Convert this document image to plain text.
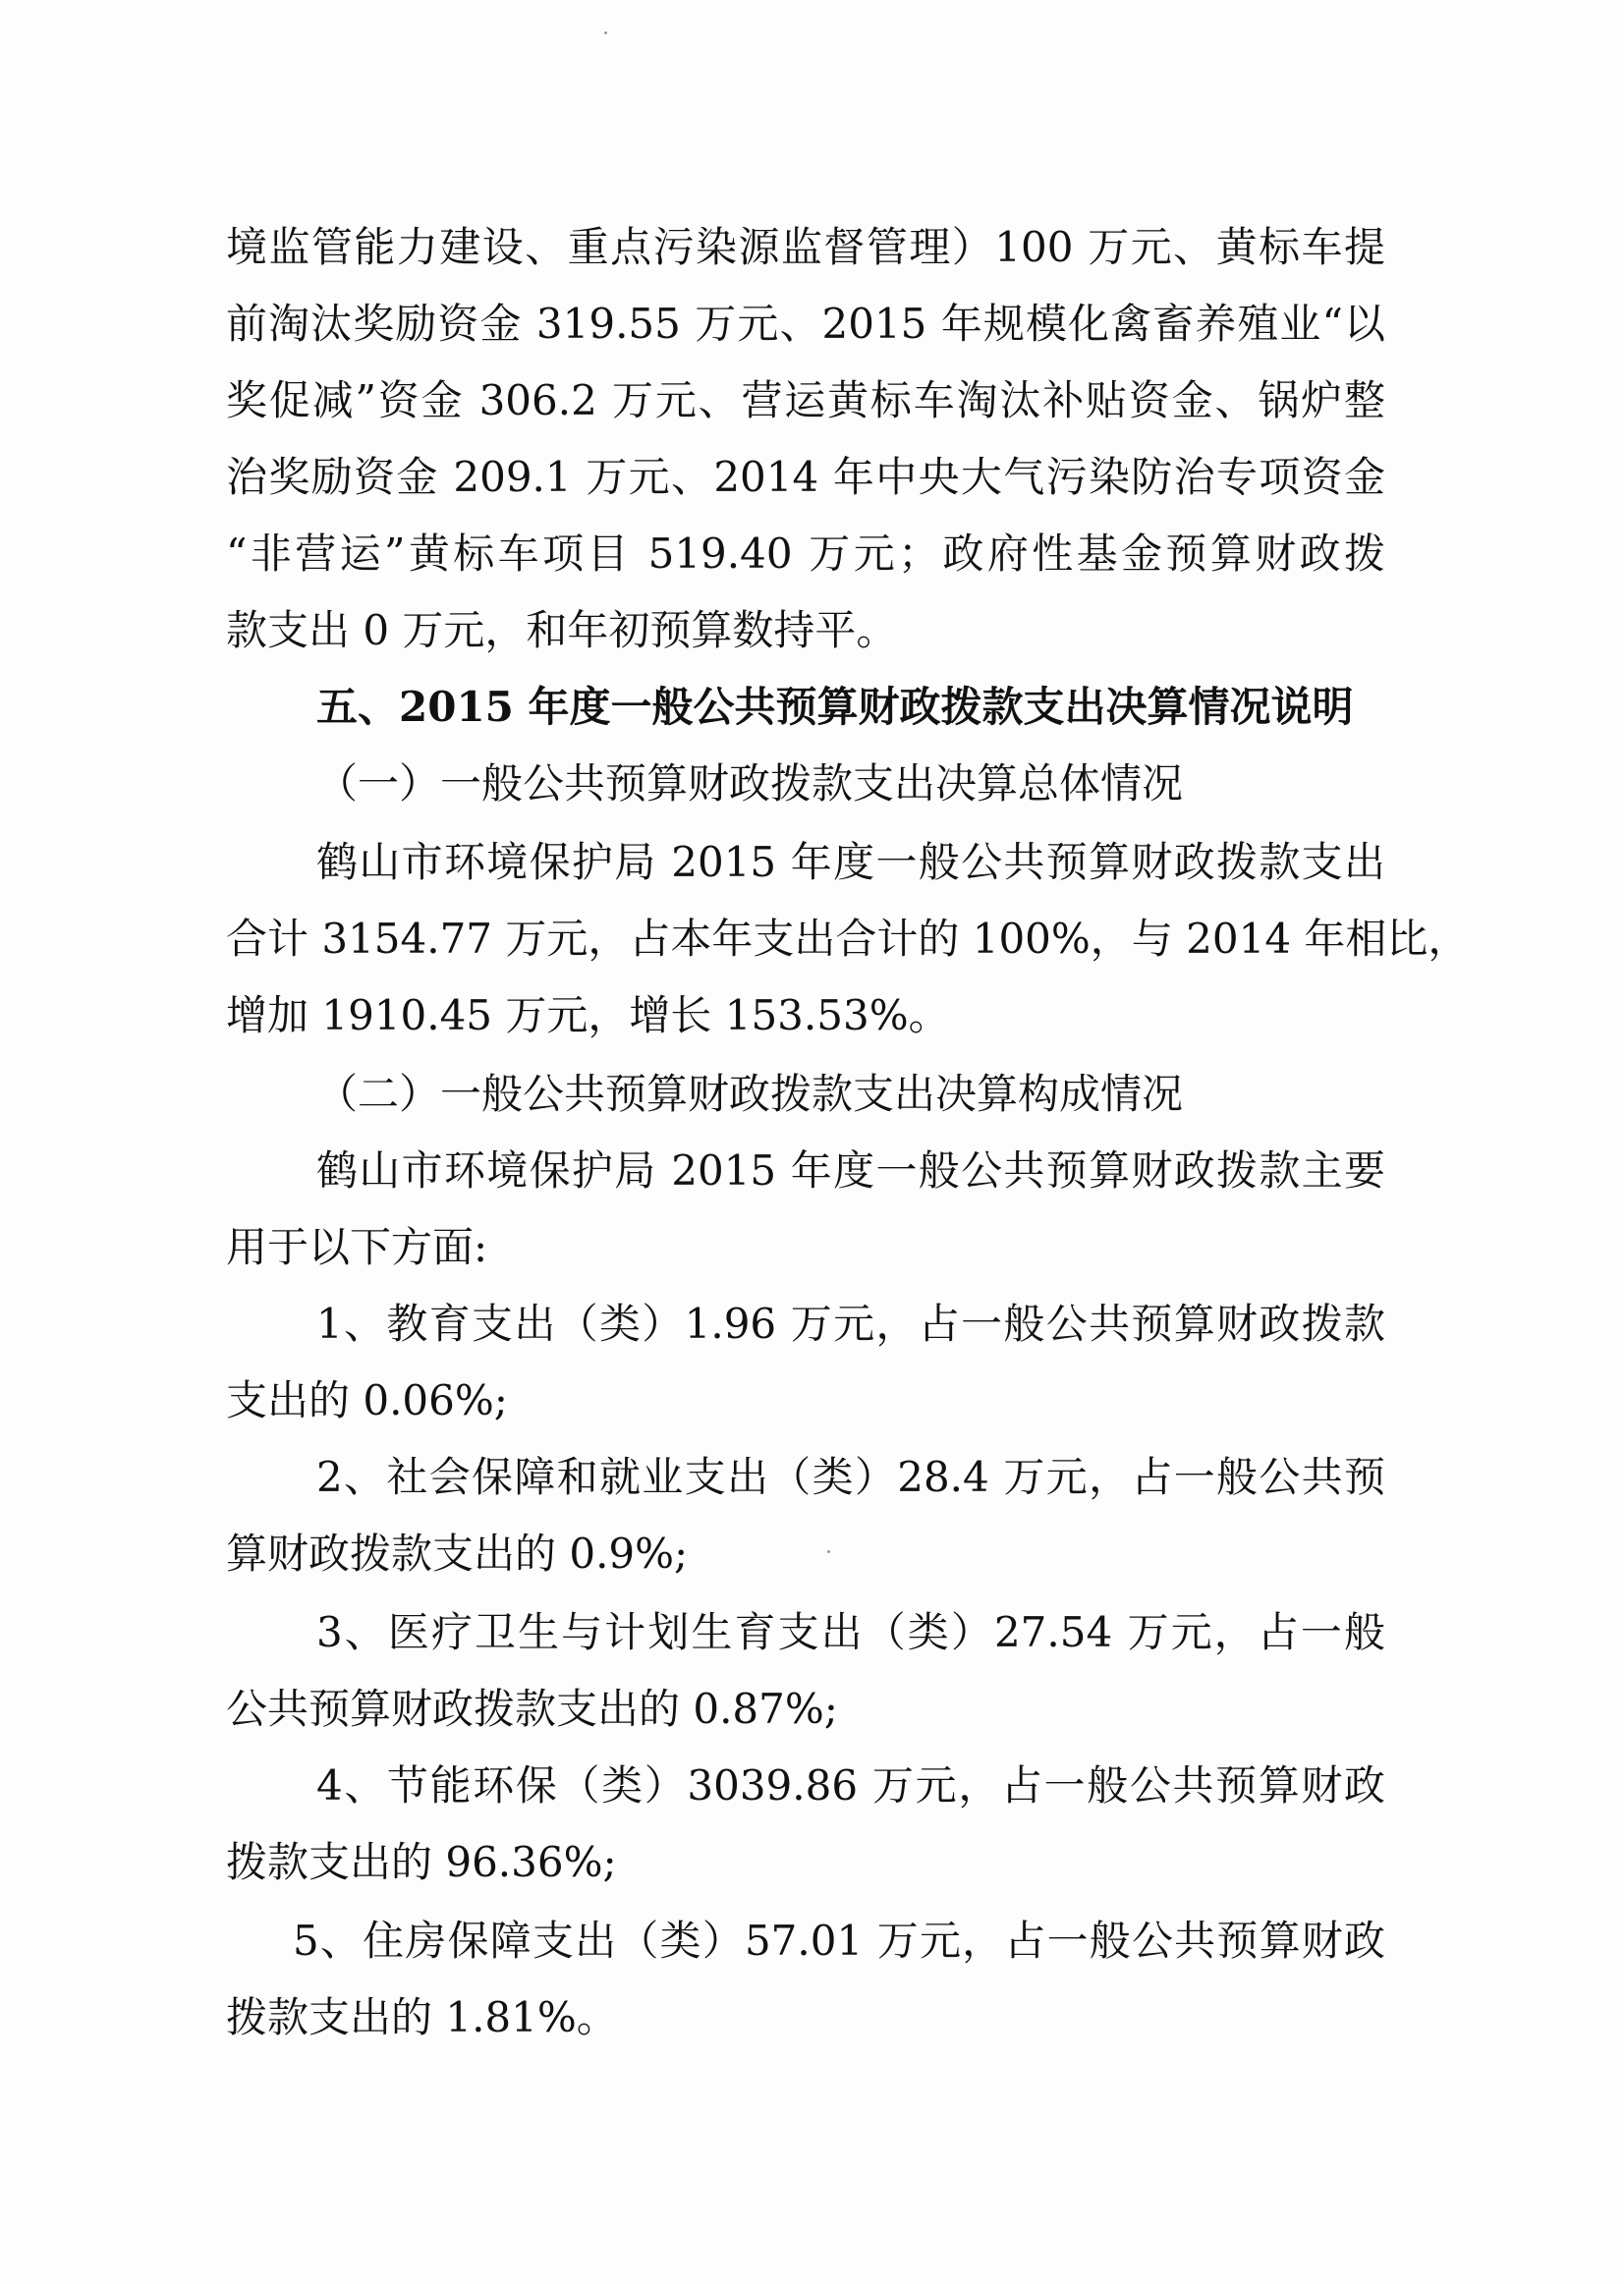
境监管能力建设、重点污染源监督管理）100 万元、黄标车提
前淘汰奖励资金 319.55 万元、2015 年规模化禽畜养殖业“以
奖促减”资金 306.2 万元、营运黄标车淘汰补贴资金、锅炉整
治奖励资金 209.1 万元、2014 年中央大气污染防治专项资金
“非营运”黄标车项目 519.40 万元；政府性基金预算财政拨
款支出 0 万元，和年初预算数持平。
五、2015 年度一般公共预算财政拨款支出决算情况说明
（一）一般公共预算财政拨款支出决算总体情况
鹤山市环境保护局 2015 年度一般公共预算财政拨款支出
合计 3154.77 万元，占本年支出合计的 100%，与 2014 年相比，
增加 1910.45 万元，增长 153.53%。
（二）一般公共预算财政拨款支出决算构成情况
鹤山市环境保护局 2015 年度一般公共预算财政拨款主要
用于以下方面:
1、教育支出（类）1.96 万元，占一般公共预算财政拨款
支出的 0.06%;
2、社会保障和就业支出（类）28.4 万元，占一般公共预
算财政拨款支出的 0.9%;
3、医疗卫生与计划生育支出（类）27.54 万元，占一般
公共预算财政拨款支出的 0.87%;
4、节能环保（类）3039.86 万元，占一般公共预算财政
拨款支出的 96.36%;
5、住房保障支出（类）57.01 万元，占一般公共预算财政
拨款支出的 1.81%。
